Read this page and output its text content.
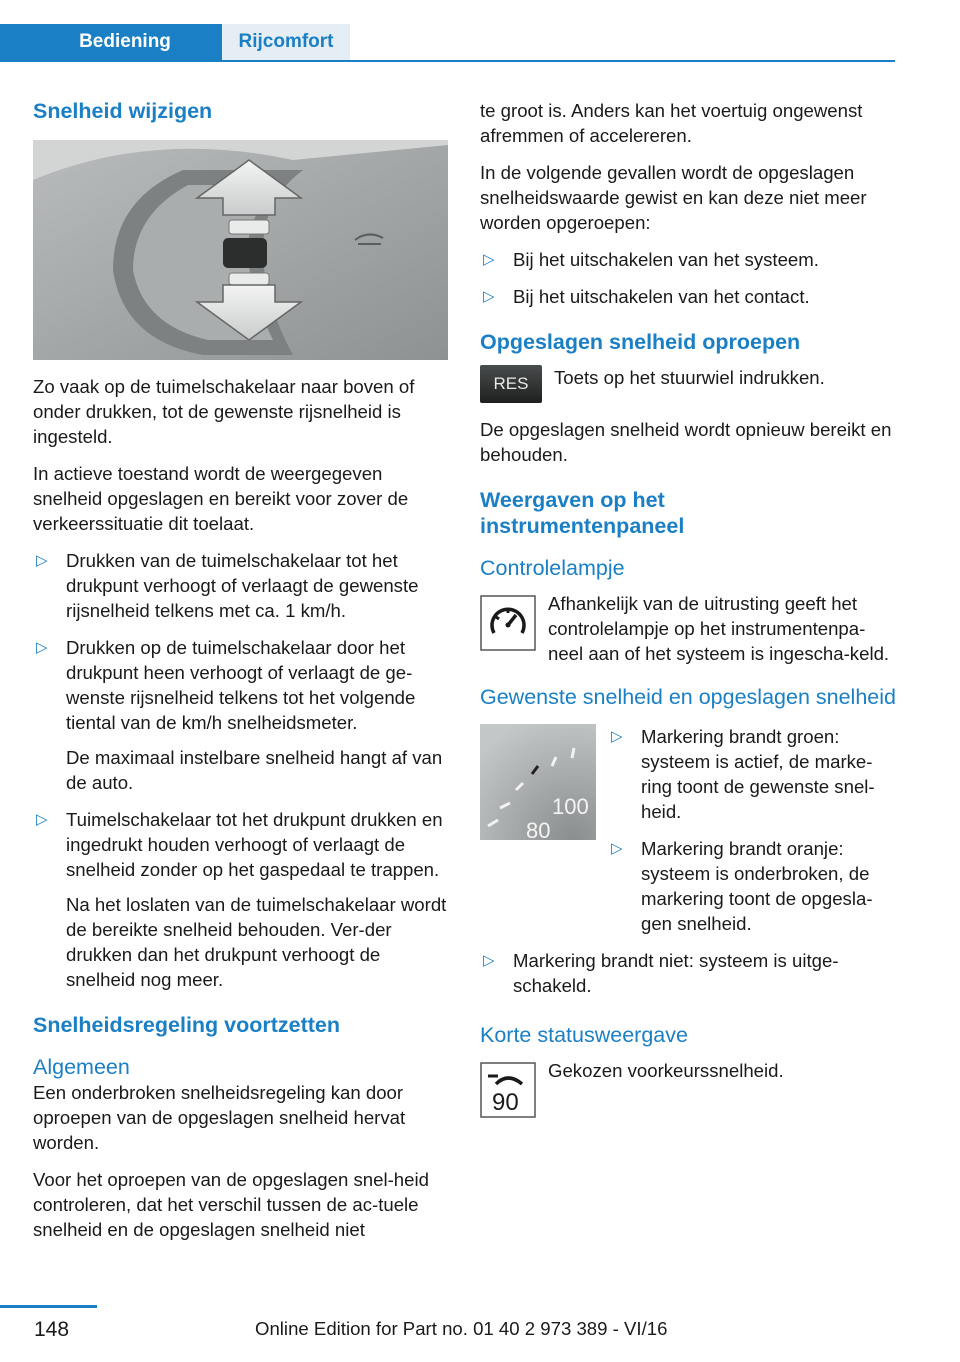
Bediening	Rijcomfort
Snelheid wijzigen

Zo vaak op de tuimelschakelaar naar boven of onder drukken, tot de gewenste rijsnelheid is ingesteld.

In actieve toestand wordt de weergegeven snelheid opgeslagen en bereikt voor zover de verkeerssituatie dit toelaat.

▷ Drukken van de tuimelschakelaar tot het drukpunt verhoogt of verlaagt de gewenste rijsnelheid telkens met ca. 1 km/h.
▷ Drukken op de tuimelschakelaar door het drukpunt heen verhoogt of verlaagt de ge‐wenste rijsnelheid telkens tot het volgende tiental van de km/h snelheidsmeter.
De maximaal instelbare snelheid hangt af van de auto.
▷ Tuimelschakelaar tot het drukpunt drukken en ingedrukt houden verhoogt of verlaagt de snelheid zonder op het gaspedaal te trappen.
Na het loslaten van de tuimelschakelaar wordt de bereikte snelheid behouden. Ver‐der drukken dan het drukpunt verhoogt de snelheid nog meer.
Snelheidsregeling voortzetten
Algemeen

Een onderbroken snelheidsregeling kan door oproepen van de opgeslagen snelheid hervat worden.

Voor het oproepen van de opgeslagen snel‐heid controleren, dat het verschil tussen de ac‐tuele snelheid en de opgeslagen snelheid niet

te groot is. Anders kan het voertuig ongewenst afremmen of accelereren.

In de volgende gevallen wordt de opgeslagen snelheidswaarde gewist en kan deze niet meer worden opgeroepen:

▷ Bij het uitschakelen van het systeem.
▷ Bij het uitschakelen van het contact.
Opgeslagen snelheid oproepen
RES Toets op het stuurwiel indrukken.

De opgeslagen snelheid wordt opnieuw bereikt en behouden.

Weergaven op het instrumentenpaneel
Controlelampje
Afhankelijk van de uitrusting geeft het controlelampje op het instrumentenpa‐neel aan of het systeem is ingescha‐keld.
Gewenste snelheid en opgeslagen snelheid
100
80
▷ Markering brandt groen: systeem is actief, de marke‐ring toont de gewenste snel‐heid.
▷ Markering brandt oranje: systeem is onderbroken, de markering toont de opgesla‐gen snelheid.
▷ Markering brandt niet: systeem is uitge‐schakeld.
Korte statusweergave
90
Gekozen voorkeurssnelheid.
148	Online Edition for Part no. 01 40 2 973 389 - VI/16
